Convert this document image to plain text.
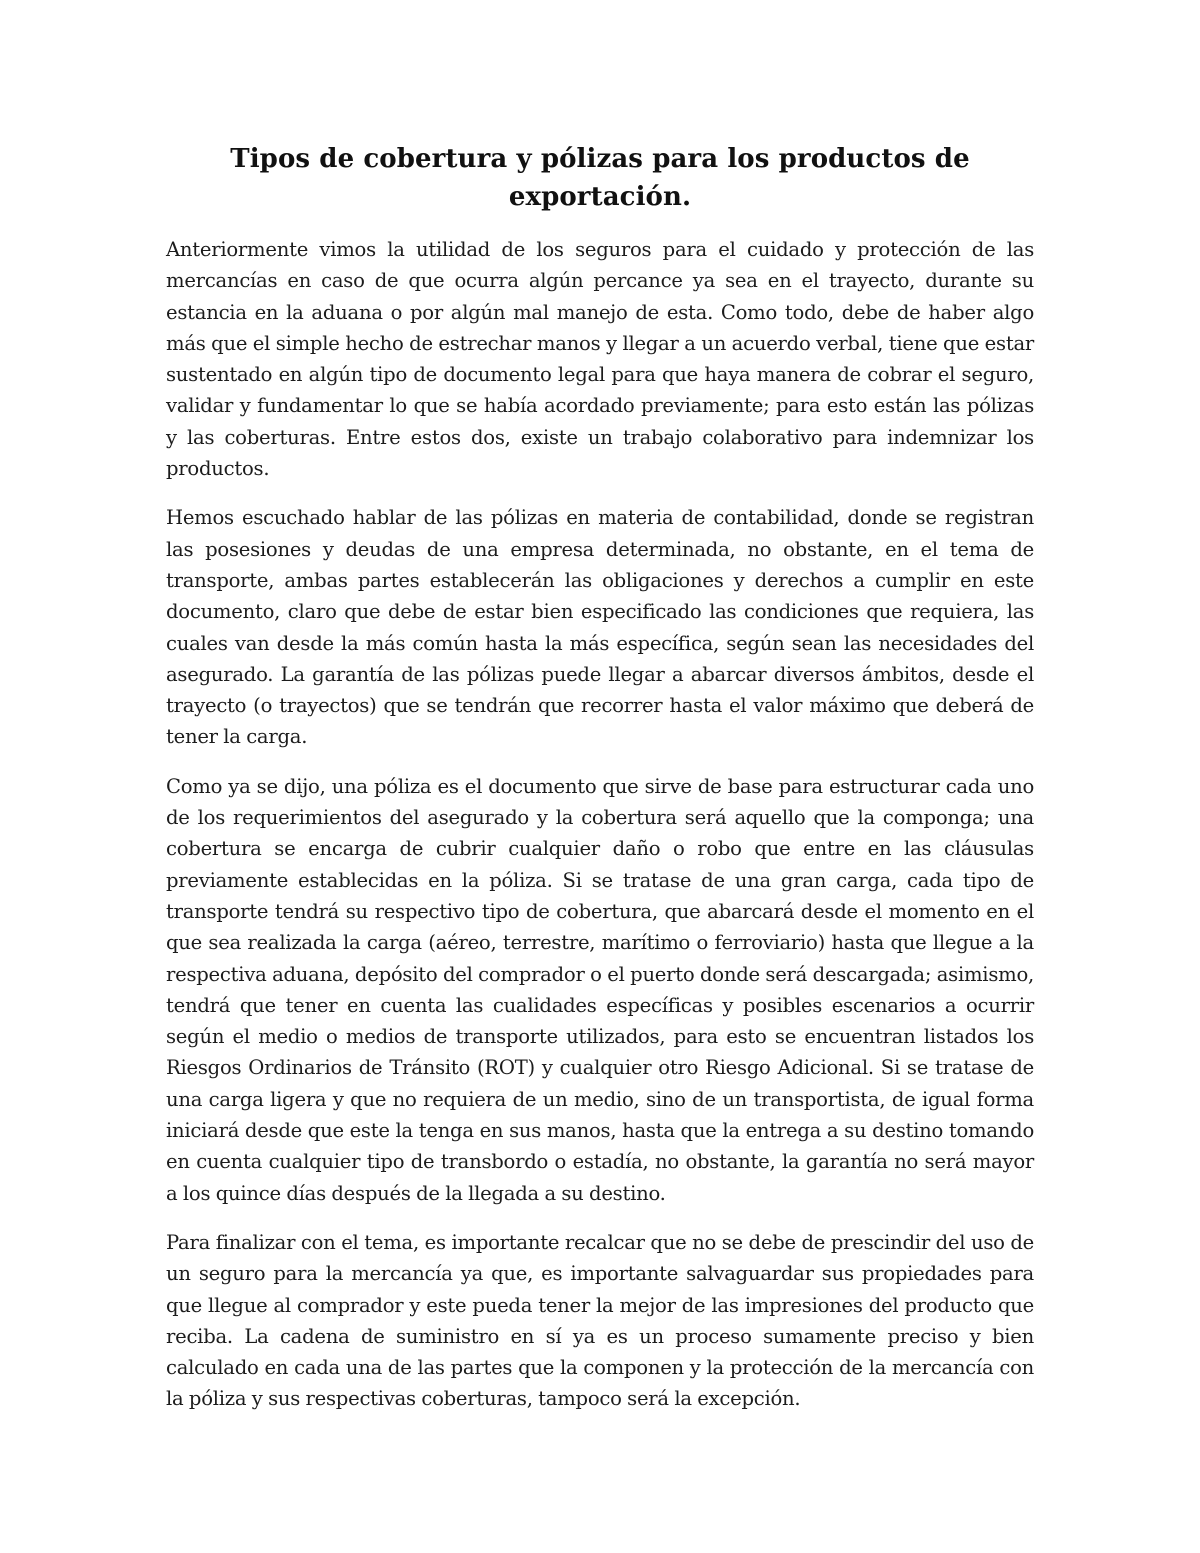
Tipos de cobertura y pólizas para los productos de exportación.

Anteriormente vimos la utilidad de los seguros para el cuidado y protección de las mercancías en caso de que ocurra algún percance ya sea en el trayecto, durante su estancia en la aduana o por algún mal manejo de esta. Como todo, debe de haber algo más que el simple hecho de estrechar manos y llegar a un acuerdo verbal, tiene que estar sustentado en algún tipo de documento legal para que haya manera de cobrar el seguro, validar y fundamentar lo que se había acordado previamente; para esto están las pólizas y las coberturas. Entre estos dos, existe un trabajo colaborativo para indemnizar los productos.

Hemos escuchado hablar de las pólizas en materia de contabilidad, donde se registran las posesiones y deudas de una empresa determinada, no obstante, en el tema de transporte, ambas partes establecerán las obligaciones y derechos a cumplir en este documento, claro que debe de estar bien especificado las condiciones que requiera, las cuales van desde la más común hasta la más específica, según sean las necesidades del asegurado. La garantía de las pólizas puede llegar a abarcar diversos ámbitos, desde el trayecto (o trayectos) que se tendrán que recorrer hasta el valor máximo que deberá de tener la carga.

Como ya se dijo, una póliza es el documento que sirve de base para estructurar cada uno de los requerimientos del asegurado y la cobertura será aquello que la componga; una cobertura se encarga de cubrir cualquier daño o robo que entre en las cláusulas previamente establecidas en la póliza. Si se tratase de una gran carga, cada tipo de transporte tendrá su respectivo tipo de cobertura, que abarcará desde el momento en el que sea realizada la carga (aéreo, terrestre, marítimo o ferroviario) hasta que llegue a la respectiva aduana, depósito del comprador o el puerto donde será descargada; asimismo, tendrá que tener en cuenta las cualidades específicas y posibles escenarios a ocurrir según el medio o medios de transporte utilizados, para esto se encuentran listados los Riesgos Ordinarios de Tránsito (ROT) y cualquier otro Riesgo Adicional. Si se tratase de una carga ligera y que no requiera de un medio, sino de un transportista, de igual forma iniciará desde que este la tenga en sus manos, hasta que la entrega a su destino tomando en cuenta cualquier tipo de transbordo o estadía, no obstante, la garantía no será mayor a los quince días después de la llegada a su destino.

Para finalizar con el tema, es importante recalcar que no se debe de prescindir del uso de un seguro para la mercancía ya que, es importante salvaguardar sus propiedades para que llegue al comprador y este pueda tener la mejor de las impresiones del producto que reciba. La cadena de suministro en sí ya es un proceso sumamente preciso y bien calculado en cada una de las partes que la componen y la protección de la mercancía con la póliza y sus respectivas coberturas, tampoco será la excepción.
